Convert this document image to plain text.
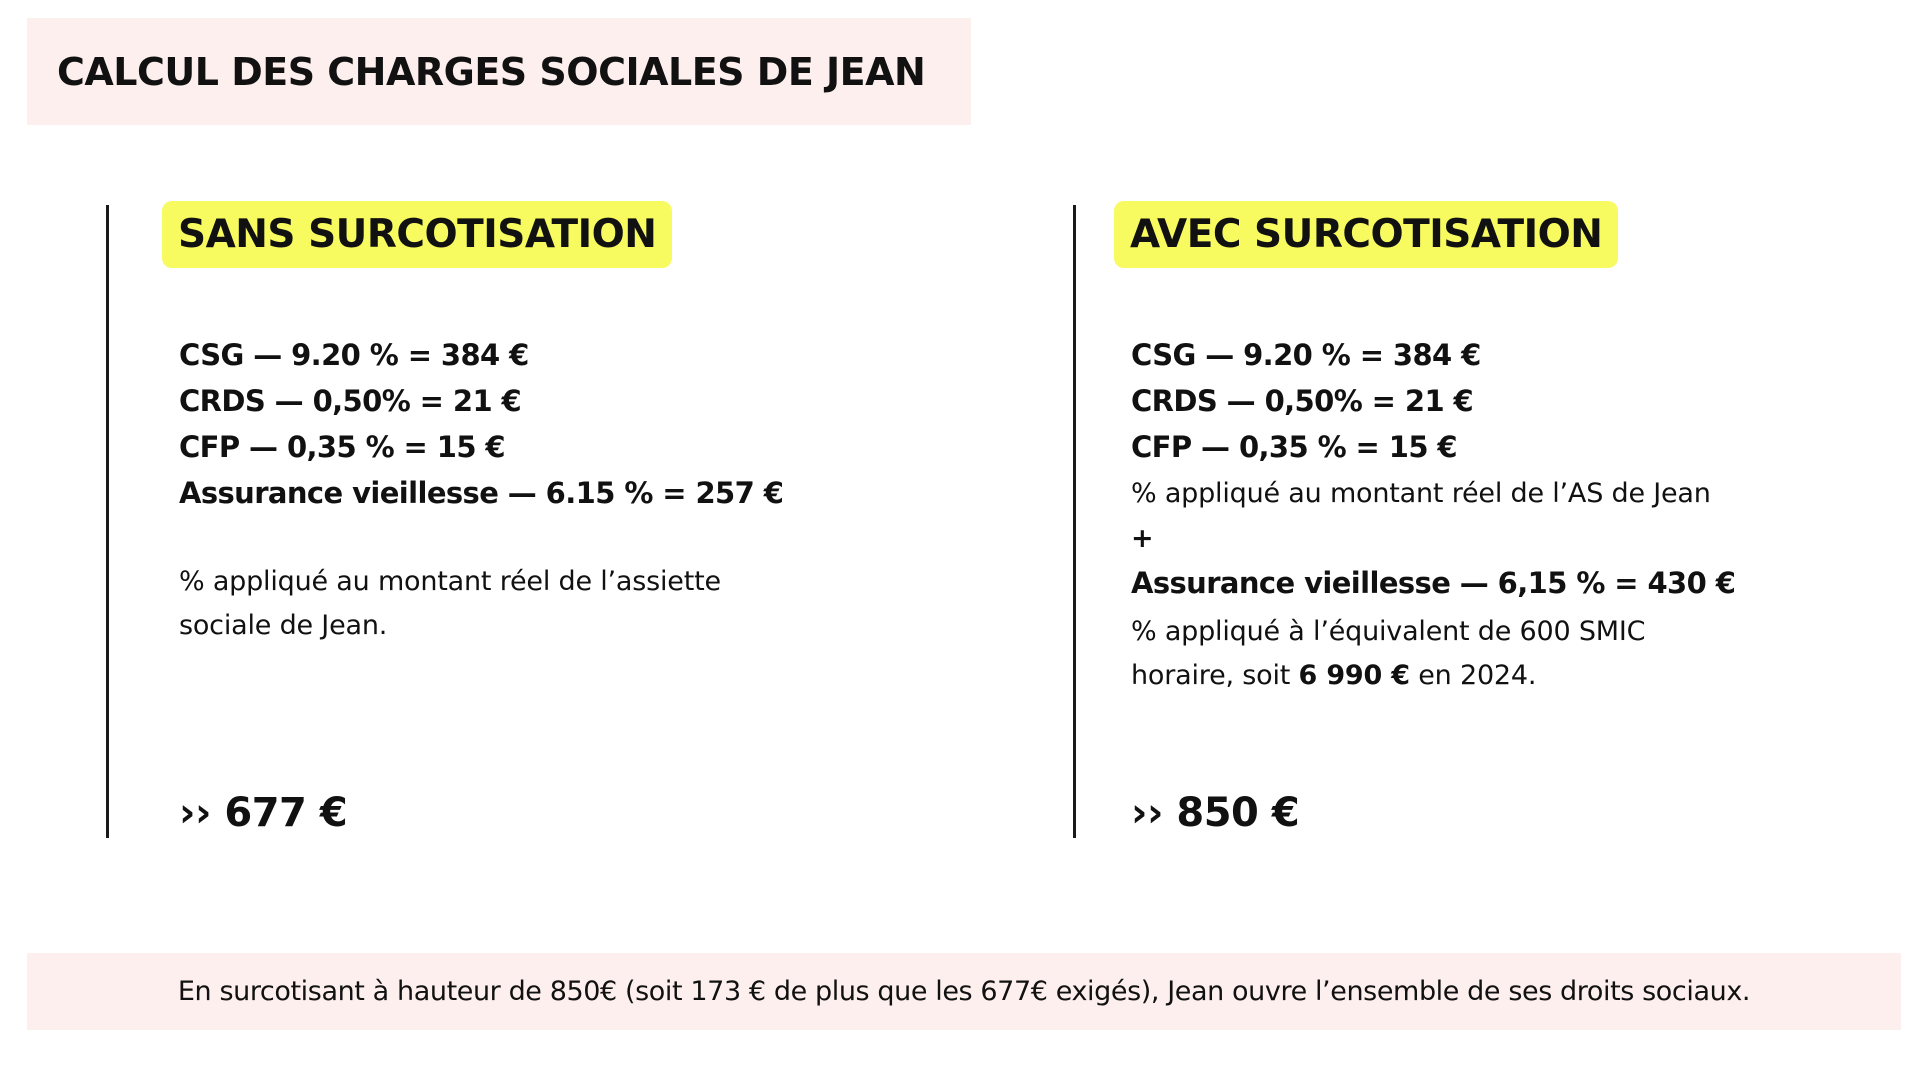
CALCUL DES CHARGES SOCIALES DE JEAN
SANS SURCOTISATION	AVEC SURCOTISATION

CSG — 9.20 % = 384 €

CRDS — 0,50% = 21 €

CFP — 0,35 % = 15 €

Assurance vieillesse — 6.15 % = 257 €

% appliqué au montant réel de l’assiette

sociale de Jean.

CSG — 9.20 % = 384 €

CRDS — 0,50% = 21 €

CFP — 0,35 % = 15 €

% appliqué au montant réel de l’AS de Jean

+

Assurance vieillesse — 6,15 % = 430 €

% appliqué à l’équivalent de 600 SMIC

horaire, soit 6 990 € en 2024.

›› 677 €	›› 850 €
En surcotisant à hauteur de 850€ (soit 173 € de plus que les 677€ exigés), Jean ouvre l’ensemble de ses droits sociaux.
